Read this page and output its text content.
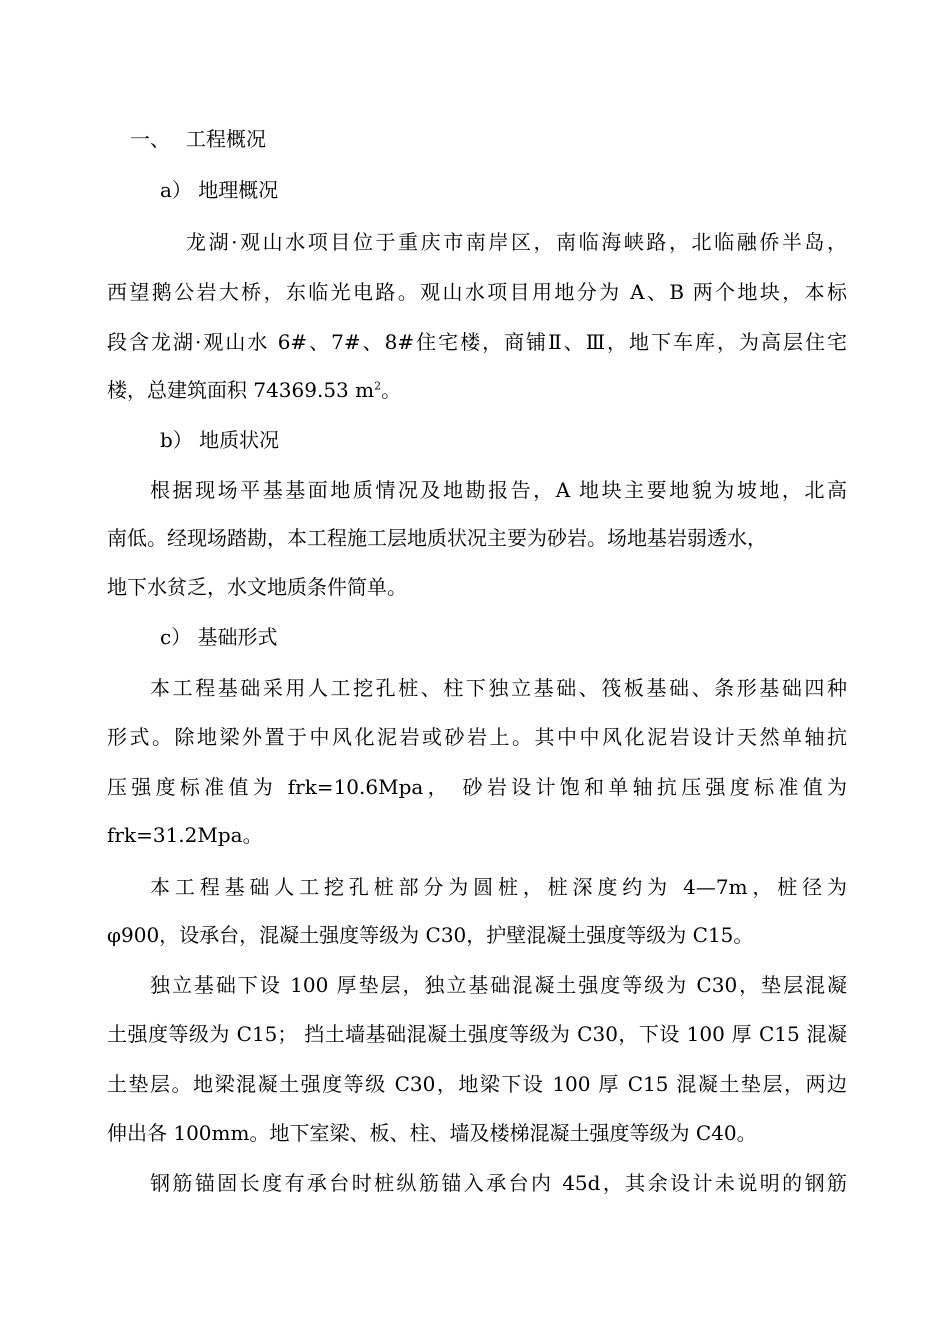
一、 工程概况
a） 地理概况
龙湖·观山水项目位于重庆市南岸区，南临海峡路，北临融侨半岛，
西望鹅公岩大桥，东临光电路。观山水项目用地分为 A、B 两个地块，本标
段含龙湖·观山水 6#、7#、8#住宅楼，商铺Ⅱ、Ⅲ，地下车库，为高层住宅
楼，总建筑面积 74369.53 $m^2$。
b） 地质状况
根据现场平基基面地质情况及地勘报告，A 地块主要地貌为坡地，北高
南低。经现场踏勘，本工程施工层地质状况主要为砂岩。场地基岩弱透水，
地下水贫乏，水文地质条件简单。
c） 基础形式
本工程基础采用人工挖孔桩、柱下独立基础、筏板基础、条形基础四种
形式。除地梁外置于中风化泥岩或砂岩上。其中中风化泥岩设计天然单轴抗
压强度标准值为 frk=10.6Mpa， 砂岩设计饱和单轴抗压强度标准值为
frk=31.2Mpa。
本工程基础人工挖孔桩部分为圆桩，桩深度约为 4—7m，桩径为
φ900，设承台，混凝土强度等级为 C30，护壁混凝土强度等级为 C15。
独立基础下设 100 厚垫层，独立基础混凝土强度等级为 C30，垫层混凝
土强度等级为 C15； 挡土墙基础混凝土强度等级为 C30，下设 100 厚 C15 混凝
土垫层。地梁混凝土强度等级 C30，地梁下设 100 厚 C15 混凝土垫层，两边
伸出各 100mm。地下室梁、板、柱、墙及楼梯混凝土强度等级为 C40。
钢筋锚固长度有承台时桩纵筋锚入承台内 45d，其余设计未说明的钢筋
